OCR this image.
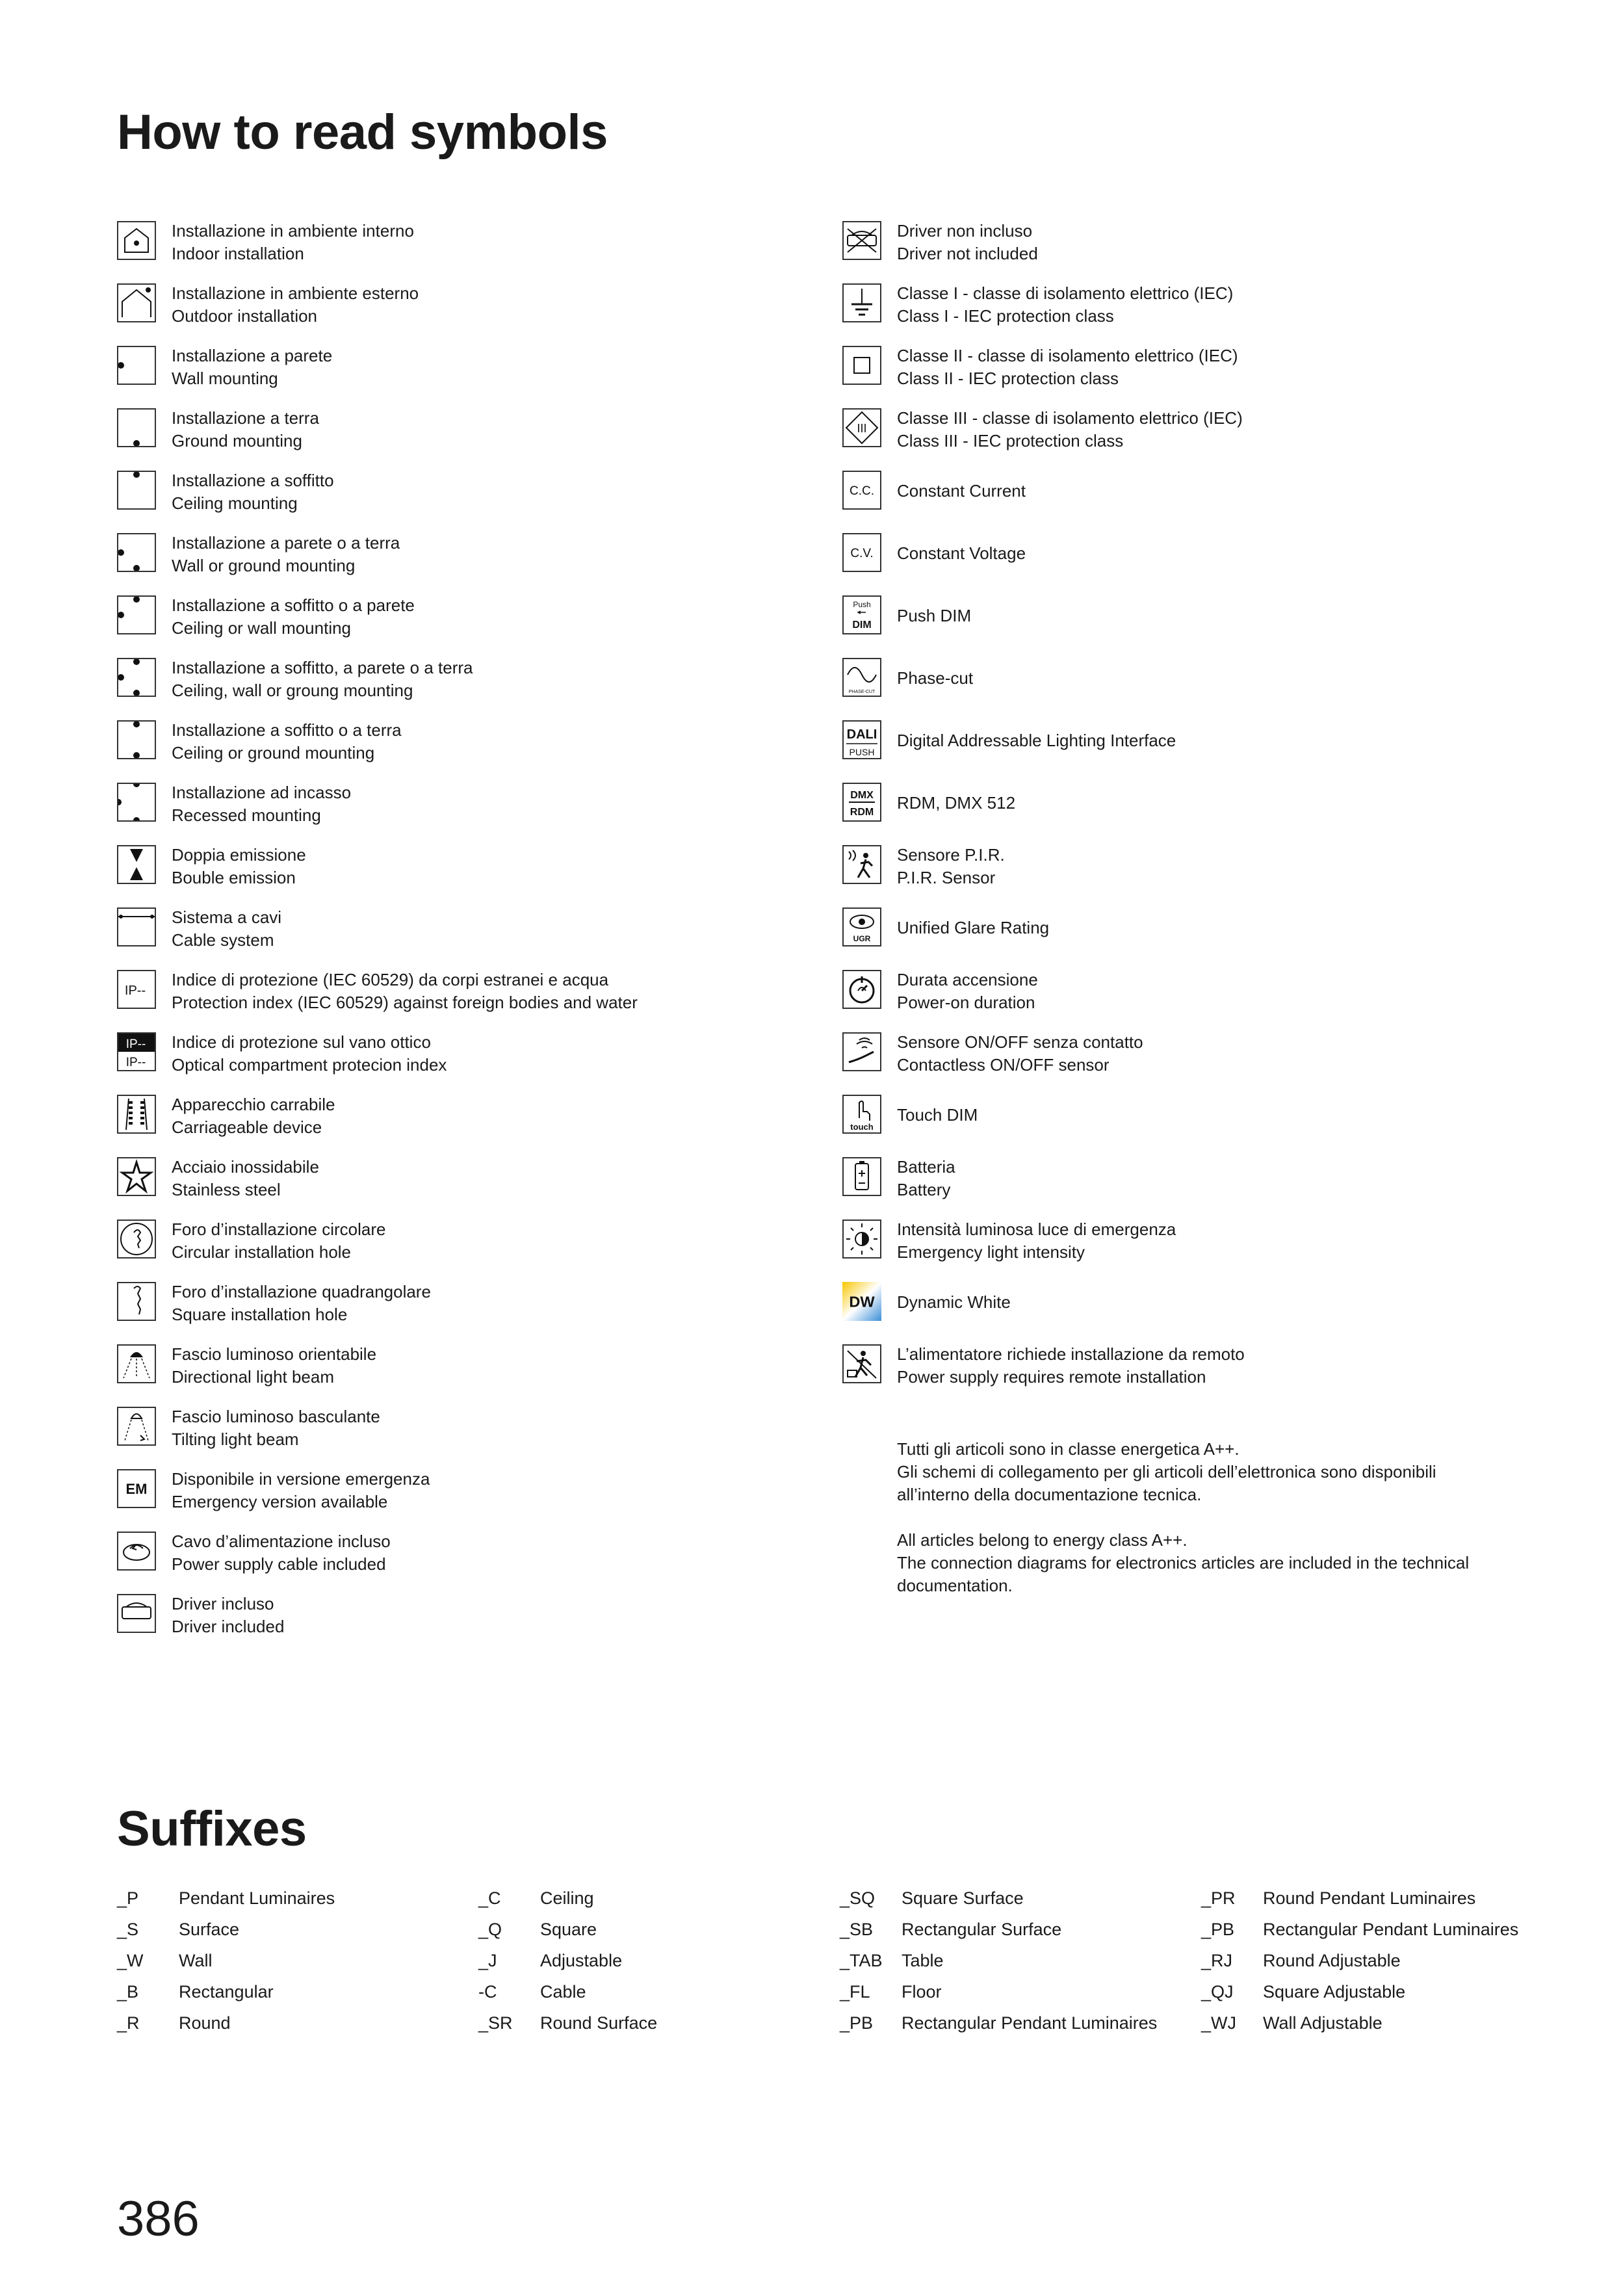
How to read symbols
Installazione in ambiente interno
Indoor installation
Installazione in ambiente esterno
Outdoor installation
Installazione a parete
Wall mounting
Installazione a terra
Ground mounting
Installazione a soffitto
Ceiling mounting
Installazione a parete o a terra
Wall or ground mounting
Installazione a soffitto o a parete
Ceiling or wall mounting
Installazione a soffitto, a parete o a terra
Ceiling, wall or groung mounting
Installazione a soffitto o a terra
Ceiling or ground mounting
Installazione ad incasso
Recessed mounting
Doppia emissione
Bouble emission
Sistema a cavi
Cable system
IP--
Indice di protezione (IEC 60529) da corpi estranei e acqua
Protection index (IEC 60529) against foreign bodies and water
IP--
IP--
Indice di protezione sul vano ottico
Optical compartment protecion index
Apparecchio carrabile
Carriageable device
Acciaio inossidabile
Stainless steel
Foro d’installazione circolare
Circular installation hole
Foro d’installazione quadrangolare
Square installation hole
Fascio luminoso orientabile
Directional light beam
Fascio luminoso basculante
Tilting light beam
EM
Disponibile in versione emergenza
Emergency version available
Cavo d’alimentazione incluso
Power supply cable included
Driver incluso
Driver included
Driver non incluso
Driver not included
Classe I - classe di isolamento elettrico (IEC)
Class I - IEC protection class
Classe II - classe di isolamento elettrico (IEC)
Class II - IEC protection class
III
Classe III - classe di isolamento elettrico (IEC)
Class III - IEC protection class
C.C. Constant Current
C.V. Constant Voltage
Push
DIM Push DIM
PHASE-CUT
Phase-cut
DALI
PUSH
Digital Addressable Lighting Interface
DMX
RDM RDM, DMX 512
Sensore P.I.R.
P.I.R. Sensor
UGR
Unified Glare Rating
Durata accensione
Power-on duration
Sensore ON/OFF senza contatto
Contactless ON/OFF sensor
touch
Touch DIM
Batteria
Battery
Intensità luminosa luce di emergenza
Emergency light intensity
DW Dynamic White
L’alimentatore richiede installazione da remoto
Power supply requires remote installation

Tutti gli articoli sono in classe energetica A++.
Gli schemi di collegamento per gli articoli dell’elettronica sono disponibili
all’interno della documentazione tecnica.

All articles belong to energy class A++.
The connection diagrams for electronics articles are included in the technical
documentation.

Suffixes
_P Pendant Luminaires
_S Surface
_W Wall
_B Rectangular
_R Round
_C Ceiling
_Q Square
_J Adjustable
-C Cable
_SR Round Surface
_SQ Square Surface
_SB Rectangular Surface
_TAB Table
_FL Floor
_PB Rectangular Pendant Luminaires
_PR Round Pendant Luminaires
_PB Rectangular Pendant Luminaires
_RJ Round Adjustable
_QJ Square Adjustable
_WJ Wall Adjustable
386
